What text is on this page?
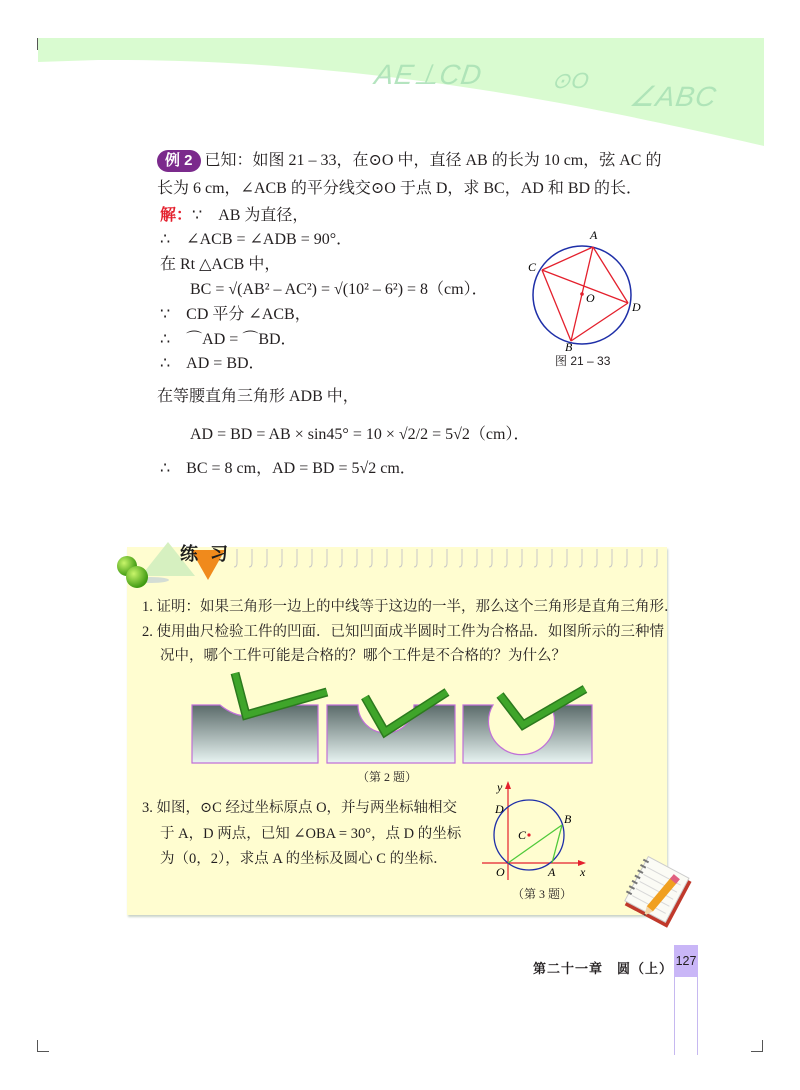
AE⊥CD	⊙O
∠ABC
例 2 已知：如图 21 – 33，在⊙O 中，直径 AB 的长为 10 cm，弦 AC 的
长为 6 cm，∠ACB 的平分线交⊙O 于点 D，求 BC，AD 和 BD 的长．
解：∵　AB 为直径，
∴　∠ACB = ∠ADB = 90°．
在 Rt △ACB 中，
BC = √(AB² – AC²) = √(10² – 6²) = 8（cm）．
∵　CD 平分 ∠ACB，
∴　⌒AD = ⌒BD．
∴　AD = BD．
在等腰直角三角形 ADB 中，
AD = BD = AB × sin45° = 10 × √2/2 = 5√2（cm）．
∴　BC = 8 cm，AD = BD = 5√2 cm．
A
C
O
D
B
图 21 – 33
练 习
1. 证明：如果三角形一边上的中线等于这边的一半，那么这个三角形是直角三角形．
2. 使用曲尺检验工件的凹面．已知凹面成半圆时工件为合格品．如图所示的三种情
况中，哪个工件可能是合格的？哪个工件是不合格的？为什么？
（第 2 题）
3. 如图，⊙C 经过坐标原点 O，并与两坐标轴相交
于 A，D 两点，已知 ∠OBA = 30°，点 D 的坐标
为（0，2），求点 A 的坐标及圆心 C 的坐标．
y
D
B
C
O	A x
（第 3 题）
第二十一章　圆（上） 127
